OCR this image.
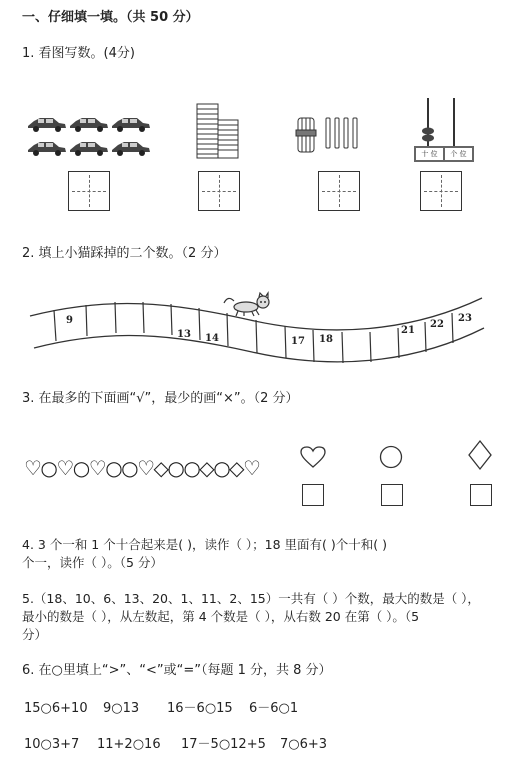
一、仔细填一填。（共 50 分）
1. 看图写数。(4分)
十 位	个 位
2. 填上小猫踩掉的二个数。（2 分）
9
13 14	17 18
21
22
23
3. 在最多的下面画“√”，最少的画“×”。（2 分）
♡○♡○♡○○♡◇○○◇○◇♡
4. 3 个一和 1 个十合起来是( )，读作（ ）；18 里面有( )个十和( )
个一，读作（ ）。（5 分）
5.（18、10、6、13、20、1、11、2、15）一共有（ ）个数，最大的数是（ ），
最小的数是（ ），从左数起，第 4 个数是（ ），从右数 20 在第（ ）。（5
分）
6. 在○里填上“>”、“<”或“=”（每题 1 分，共 8 分）
15○6+10 9○13 16－6○15 6－6○1
10○3+7 11+2○16 17－5○12+5 7○6+3
